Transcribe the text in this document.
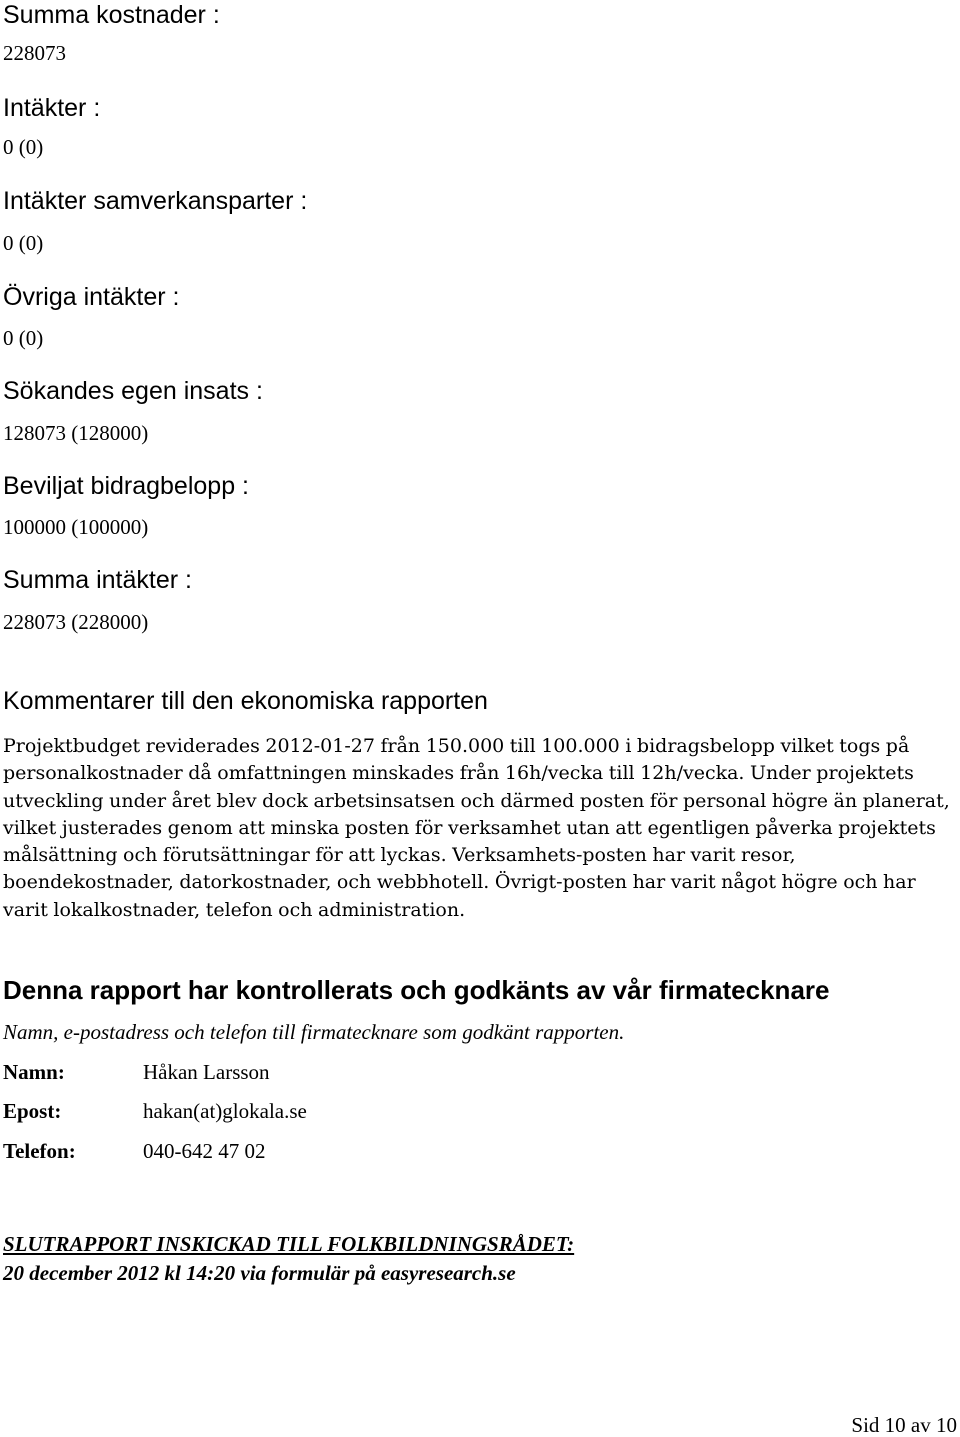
Summa kostnader :
228073
Intäkter :
0 (0)
Intäkter samverkansparter :
0 (0)
Övriga intäkter :
0 (0)
Sökandes egen insats :
128073 (128000)
Beviljat bidragbelopp :
100000 (100000)
Summa intäkter :
228073 (228000)
Kommentarer till den ekonomiska rapporten
Projektbudget reviderades 2012-01-27 från 150.000 till 100.000 i bidragsbelopp vilket togs på personalkostnader då omfattningen minskades från 16h/vecka till 12h/vecka. Under projektets utveckling under året blev dock arbetsinsatsen och därmed posten för personal högre än planerat, vilket justerades genom att minska posten för verksamhet utan att egentligen påverka projektets målsättning och förutsättningar för att lyckas. Verksamhets-posten har varit resor, boendekostnader, datorkostnader, och webbhotell. Övrigt-posten har varit något högre och har varit lokalkostnader, telefon och administration.
Denna rapport har kontrollerats och godkänts av vår firmatecknare
Namn, e-postadress och telefon till firmatecknare som godkänt rapporten.
Namn:	Håkan Larsson
Epost:	hakan(at)glokala.se
Telefon:	040-642 47 02
SLUTRAPPORT INSKICKAD TILL FOLKBILDNINGSRÅDET:
20 december 2012 kl 14:20 via formulär på easyresearch.se
Sid 10 av 10
